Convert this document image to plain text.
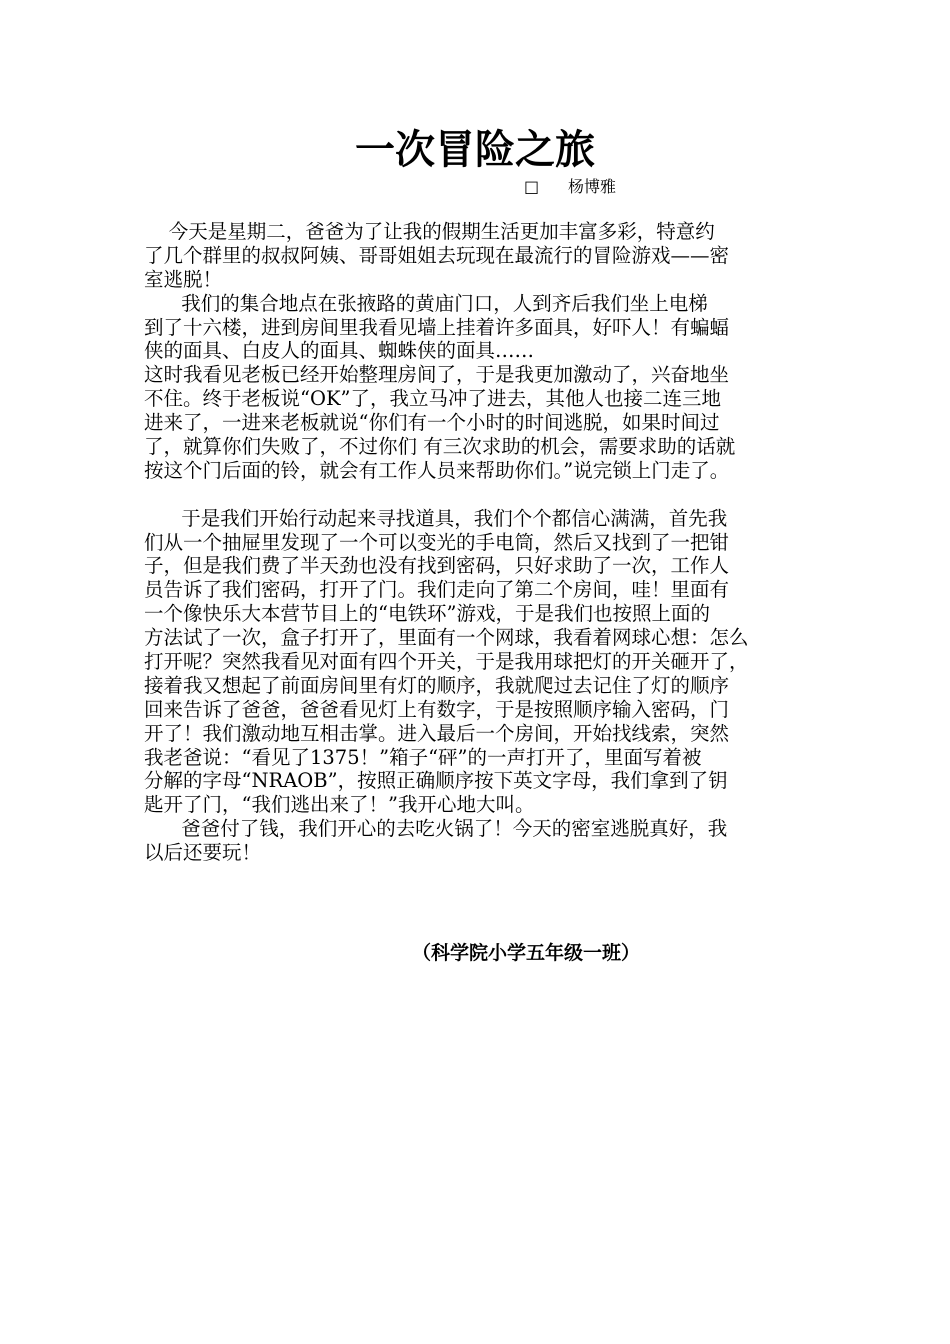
一次冒险之旅
□ 杨博雅
今天是星期二，爸爸为了让我的假期生活更加丰富多彩，特意约
了几个群里的叔叔阿姨、哥哥姐姐去玩现在最流行的冒险游戏——密
室逃脱！
我们的集合地点在张掖路的黄庙门口，人到齐后我们坐上电梯
到了十六楼，进到房间里我看见墙上挂着许多面具，好吓人！有蝙蝠
侠的面具、白皮人的面具、蜘蛛侠的面具……
这时我看见老板已经开始整理房间了，于是我更加激动了，兴奋地坐
不住。终于老板说“OK”了，我立马冲了进去，其他人也接二连三地
进来了，一进来老板就说“你们有一个小时的时间逃脱，如果时间过
了，就算你们失败了，不过你们 有三次求助的机会，需要求助的话就
按这个门后面的铃，就会有工作人员来帮助你们。”说完锁上门走了。
于是我们开始行动起来寻找道具，我们个个都信心满满，首先我
们从一个抽屉里发现了一个可以变光的手电筒，然后又找到了一把钳
子，但是我们费了半天劲也没有找到密码，只好求助了一次，工作人
员告诉了我们密码，打开了门。我们走向了第二个房间，哇！里面有
一个像快乐大本营节目上的“电铁环”游戏，于是我们也按照上面的
方法试了一次，盒子打开了，里面有一个网球，我看着网球心想：怎么
打开呢？突然我看见对面有四个开关，于是我用球把灯的开关砸开了，
接着我又想起了前面房间里有灯的顺序，我就爬过去记住了灯的顺序
回来告诉了爸爸，爸爸看见灯上有数字，于是按照顺序输入密码，门
开了！我们激动地互相击掌。进入最后一个房间，开始找线索，突然
我老爸说：“看见了1375！”箱子“砰”的一声打开了，里面写着被
分解的字母“NRAOB”，按照正确顺序按下英文字母，我们拿到了钥
匙开了门，“我们逃出来了！”我开心地大叫。
爸爸付了钱，我们开心的去吃火锅了！今天的密室逃脱真好，我
以后还要玩！
（科学院小学五年级一班）
